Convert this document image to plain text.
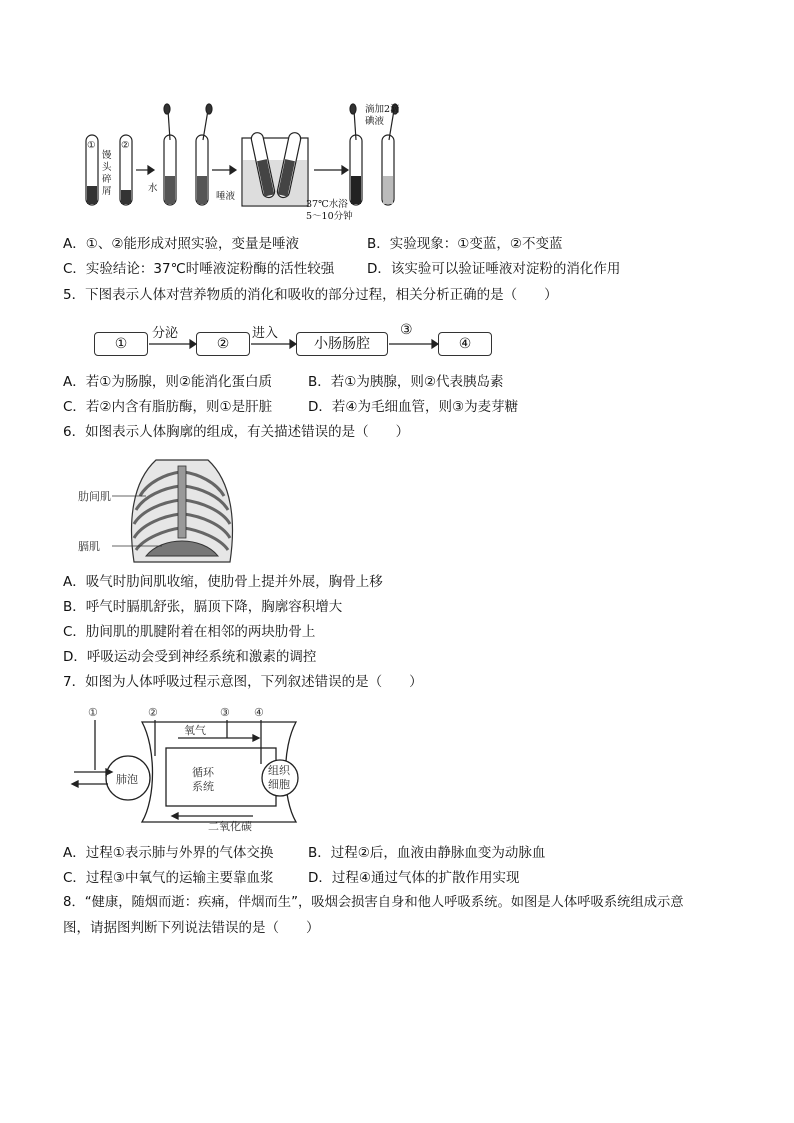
①	②
馒头碎屑	水
唾液
滴加2滴碘液
37℃水浴
5～10分钟
A．①、②能形成对照实验，变量是唾液	B．实验现象：①变蓝，②不变蓝
C．实验结论：37℃时唾液淀粉酶的活性较强 D．该实验可以验证唾液对淀粉的消化作用
5．下图表示人体对营养物质的消化和吸收的部分过程，相关分析正确的是（　　）
①	②	小肠肠腔	④
分泌	进入	③
A．若①为肠腺，则②能消化蛋白质	B．若①为胰腺，则②代表胰岛素
C．若②内含有脂肪酶，则①是肝脏	D．若④为毛细血管，则③为麦芽糖
6．如图表示人体胸廓的组成，有关描述错误的是（　　）
肋间肌
膈肌
A．吸气时肋间肌收缩，使肋骨上提并外展，胸骨上移
B．呼气时膈肌舒张，膈顶下降，胸廓容积增大
C．肋间肌的肌腱附着在相邻的两块肋骨上
D．呼吸运动会受到神经系统和激素的调控
7．如图为人体呼吸过程示意图，下列叙述错误的是（　　）
①	②	③ ④
肺泡
氧气
循环系统
组织细胞
二氧化碳
A．过程①表示肺与外界的气体交换	B．过程②后，血液由静脉血变为动脉血
C．过程③中氧气的运输主要靠血浆	D．过程④通过气体的扩散作用实现
8．“健康，随烟而逝：疾痛，伴烟而生”，吸烟会损害自身和他人呼吸系统。如图是人体呼吸系统组成示意
图，请据图判断下列说法错误的是（　　）
